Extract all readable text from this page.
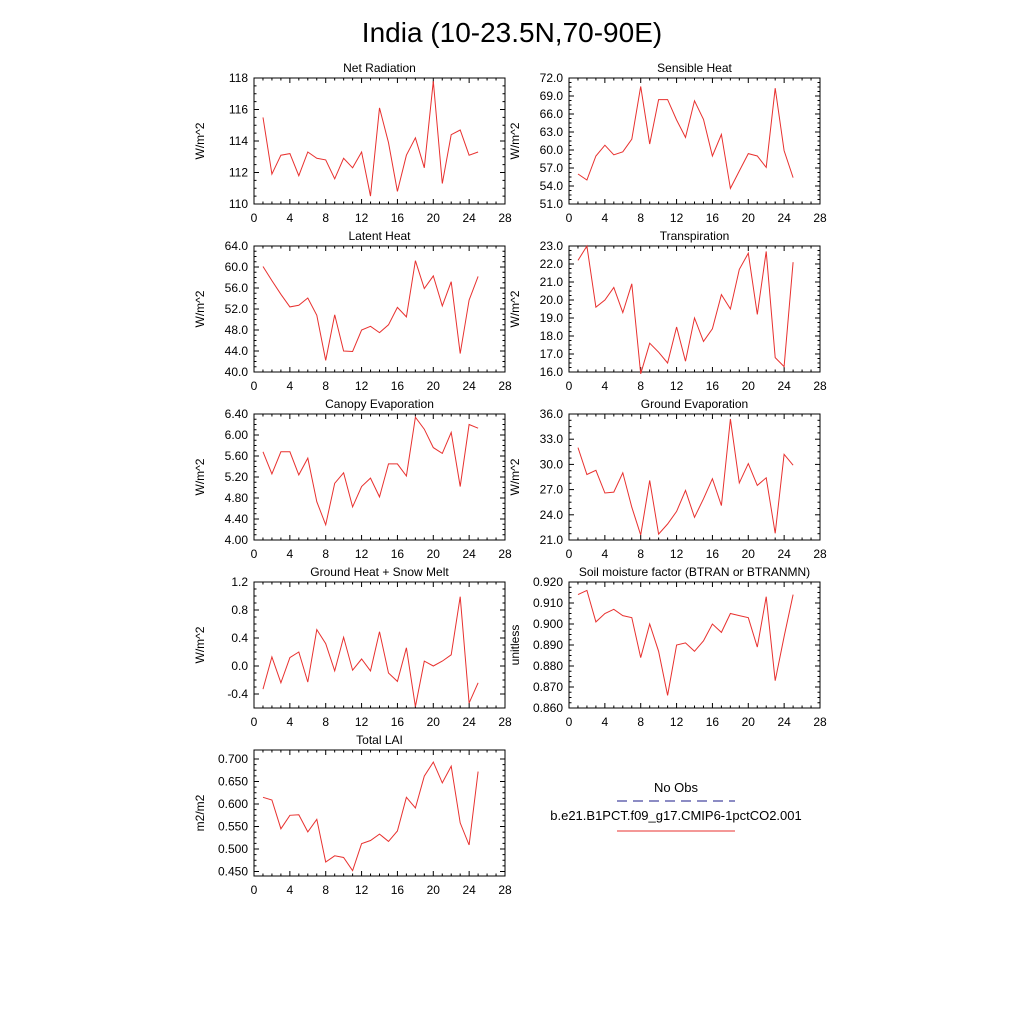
India (10-23.5N,70-90E)
Net Radiation
W/m^2
0 4 8 12 16 20 24 28
110
112
114
116
118
Sensible Heat
W/m^2
0 4 8 12 16 20 24 28
51.0
54.0
57.0
60.0
63.0
66.0
69.0
72.0
Latent Heat
W/m^2
0 4 8 12 16 20 24 28
40.0
44.0
48.0
52.0
56.0
60.0
64.0
Transpiration
W/m^2
0 4 8 12 16 20 24 28
16.0
17.0
18.0
19.0
20.0
21.0
22.0
23.0
Canopy Evaporation
W/m^2
0 4 8 12 16 20 24 28
4.00
4.40
4.80
5.20
5.60
6.00
6.40
Ground Evaporation
W/m^2
0 4 8 12 16 20 24 28
21.0
24.0
27.0
30.0
33.0
36.0
Ground Heat + Snow Melt
W/m^2
0 4 8 12 16 20 24 28
-0.4
0.0
0.4
0.8
1.2
Soil moisture factor (BTRAN or BTRANMN)
unitless
0 4 8 12 16 20 24 28
0.860
0.870
0.880
0.890
0.900
0.910
0.920
Total LAI
m2/m2
0 4 8 12 16 20 24 28
0.450
0.500
0.550
0.600
0.650
0.700
No Obs
b.e21.B1PCT.f09_g17.CMIP6-1pctCO2.001
